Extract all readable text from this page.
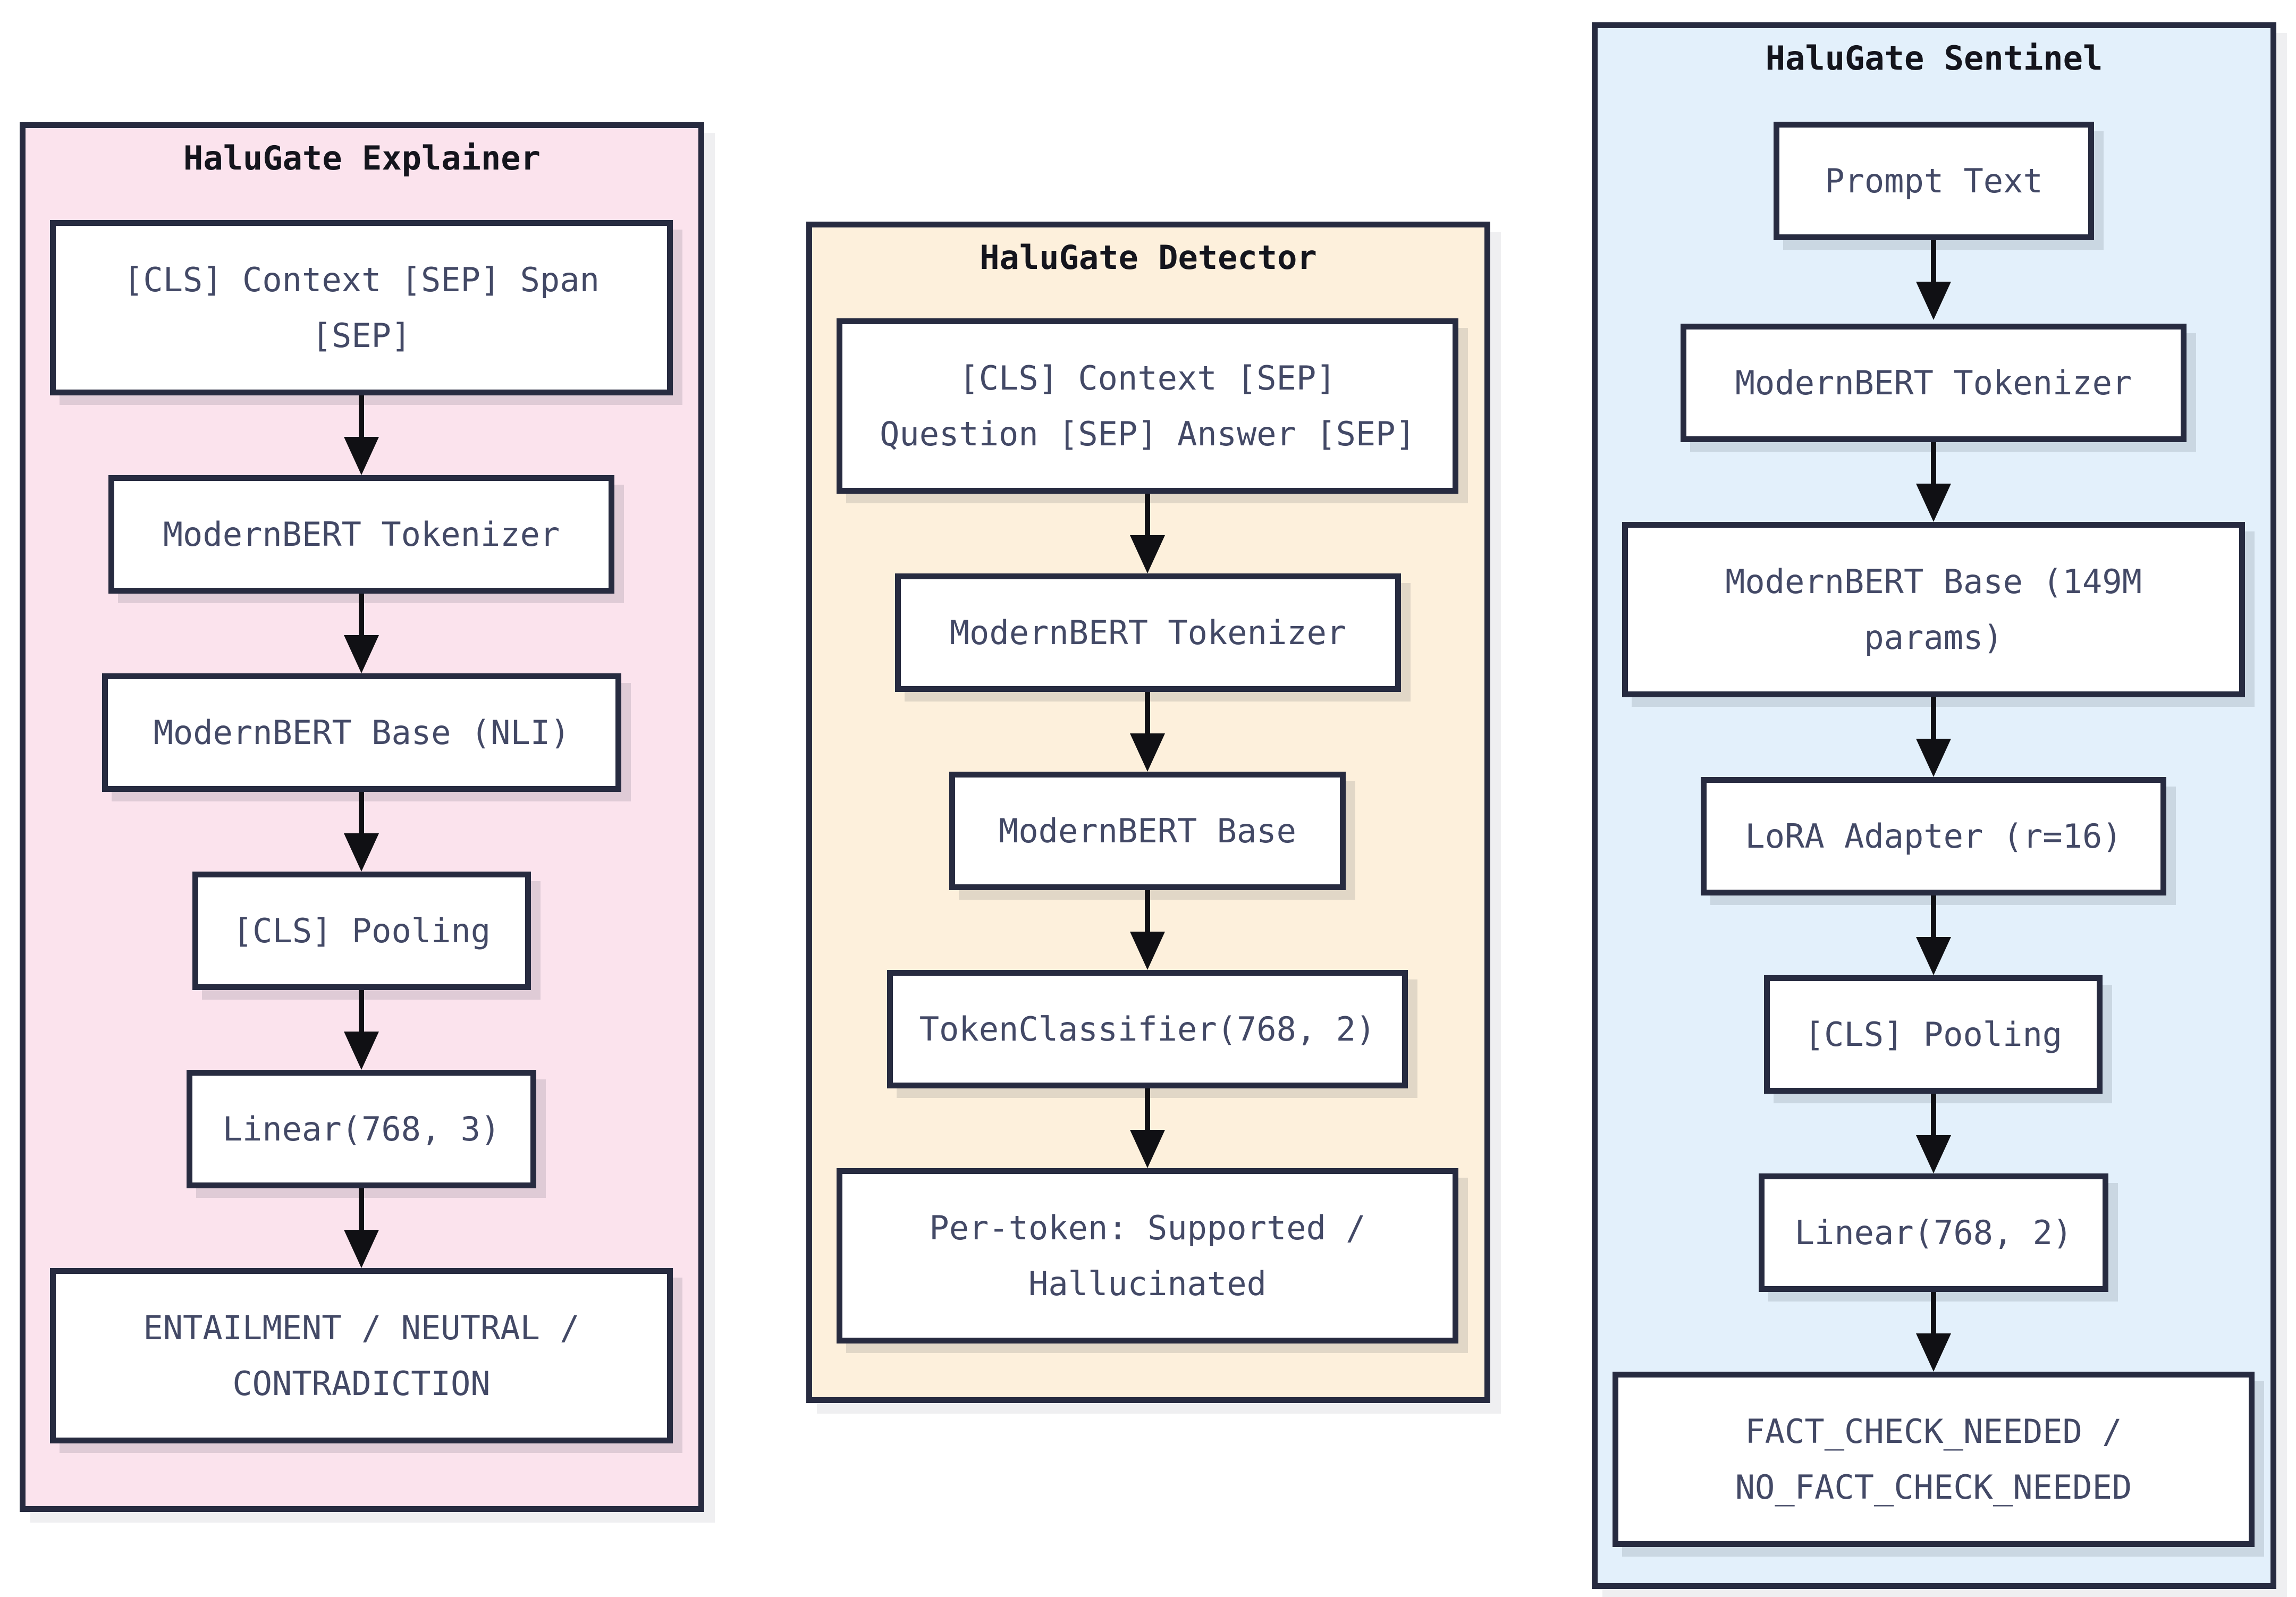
HaluGate Explainer
[CLS] Context [SEP] Span
[SEP]
ModernBERT Tokenizer
ModernBERT Base (NLI)
[CLS] Pooling
Linear(768, 3)
ENTAILMENT / NEUTRAL /
CONTRADICTION
HaluGate Detector
[CLS] Context [SEP]
Question [SEP] Answer [SEP]
ModernBERT Tokenizer
ModernBERT Base
TokenClassifier(768, 2)
Per-token: Supported /
Hallucinated
HaluGate Sentinel
Prompt Text
ModernBERT Tokenizer
ModernBERT Base (149M
params)
LoRA Adapter (r=16)
[CLS] Pooling
Linear(768, 2)
FACT_CHECK_NEEDED /
NO_FACT_CHECK_NEEDED
